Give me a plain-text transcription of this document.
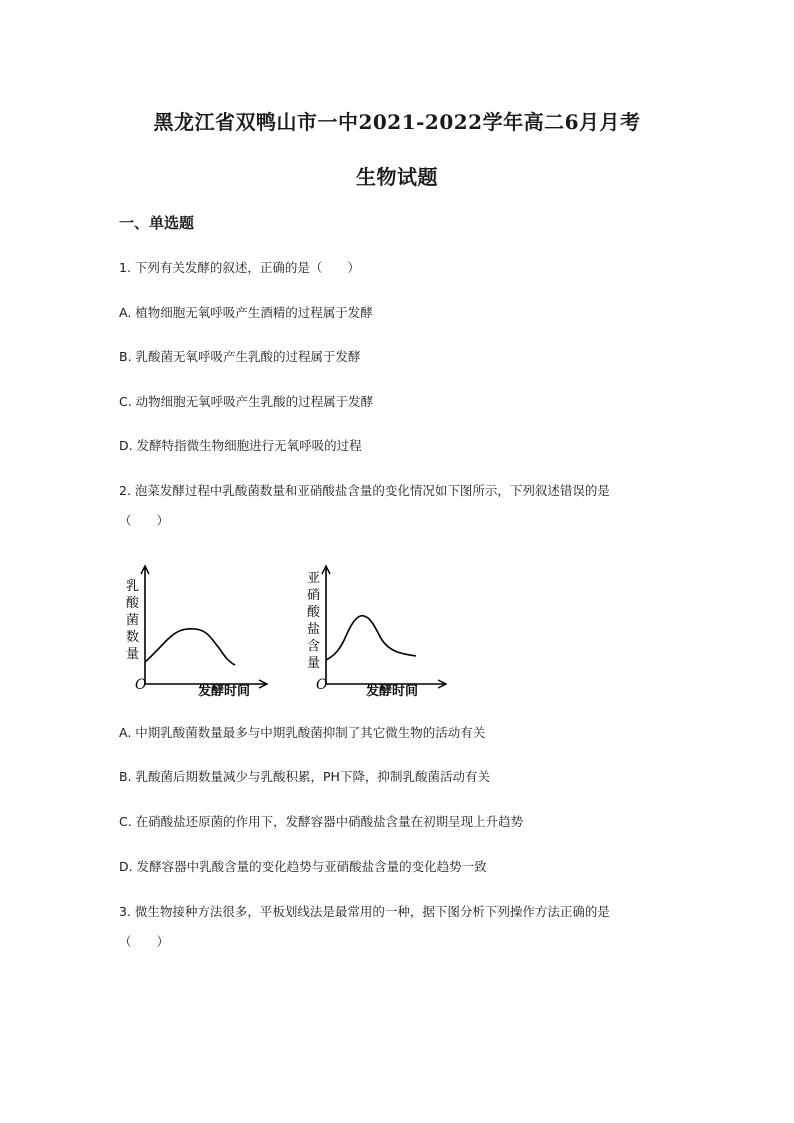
黑龙江省双鸭山市一中2021-2022学年高二6月月考
生物试题
一、单选题
1. 下列有关发酵的叙述，正确的是（　　）
A. 植物细胞无氧呼吸产生酒精的过程属于发酵
B. 乳酸菌无氧呼吸产生乳酸的过程属于发酵
C. 动物细胞无氧呼吸产生乳酸的过程属于发酵
D. 发酵特指微生物细胞进行无氧呼吸的过程
2. 泡菜发酵过程中乳酸菌数量和亚硝酸盐含量的变化情况如下图所示，下列叙述错误的是
（　　）
乳
酸
菌
数
量
O	发酵时间
亚
硝
酸
盐
含
量
O	发酵时间
A. 中期乳酸菌数量最多与中期乳酸菌抑制了其它微生物的活动有关
B. 乳酸菌后期数量减少与乳酸积累，PH下降，抑制乳酸菌活动有关
C. 在硝酸盐还原菌的作用下，发酵容器中硝酸盐含量在初期呈现上升趋势
D. 发酵容器中乳酸含量的变化趋势与亚硝酸盐含量的变化趋势一致
3. 微生物接种方法很多，平板划线法是最常用的一种，据下图分析下列操作方法正确的是
（　　）
